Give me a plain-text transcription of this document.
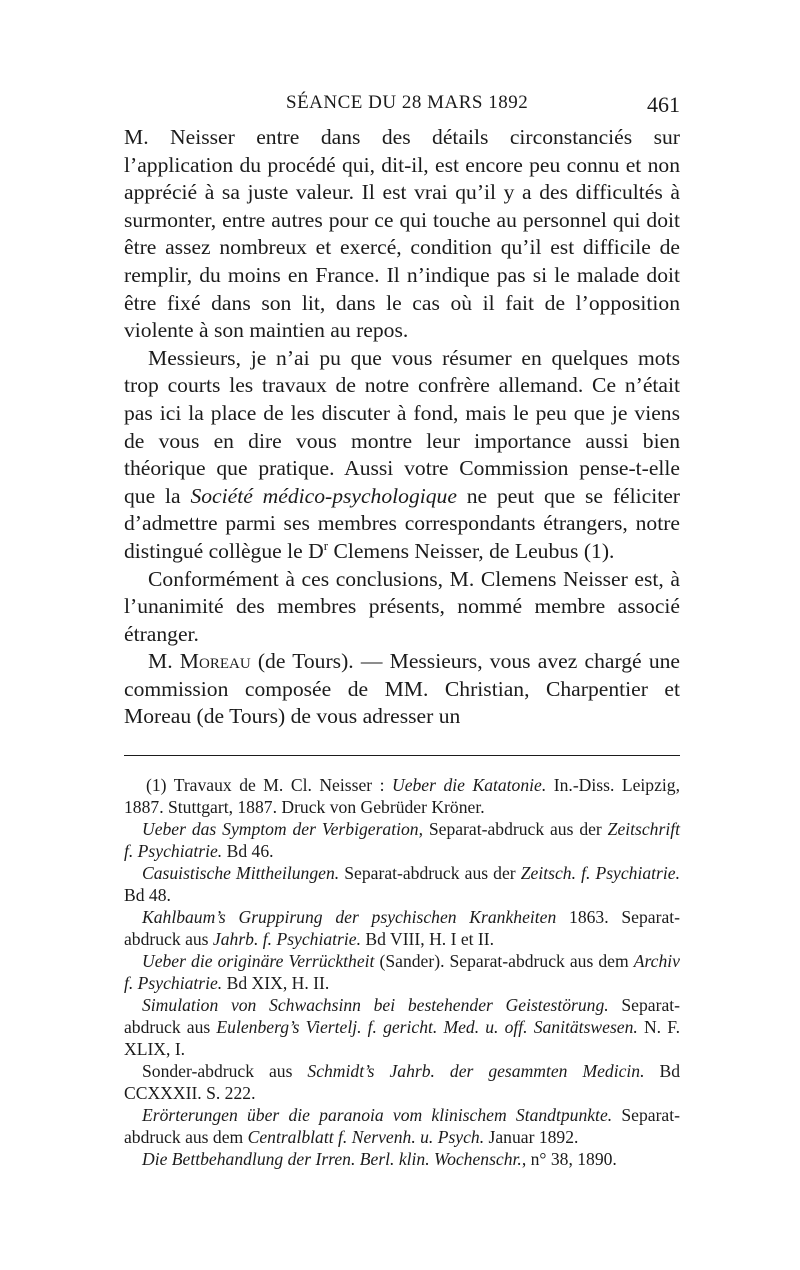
SÉANCE DU 28 MARS 1892	461

M. Neisser entre dans des détails circonstanciés sur l’application du procédé qui, dit-il, est encore peu connu et non apprécié à sa juste valeur. Il est vrai qu’il y a des difficultés à surmonter, entre autres pour ce qui touche au personnel qui doit être assez nombreux et exercé, condition qu’il est difficile de remplir, du moins en France. Il n’indique pas si le malade doit être fixé dans son lit, dans le cas où il fait de l’opposition violente à son maintien au repos.

Messieurs, je n’ai pu que vous résumer en quelques mots trop courts les travaux de notre confrère allemand. Ce n’était pas ici la place de les discuter à fond, mais le peu que je viens de vous en dire vous montre leur importance aussi bien théorique que pratique. Aussi votre Commission pense-t-elle que la Société médico-psychologique ne peut que se féliciter d’admettre parmi ses membres correspondants étrangers, notre distingué collègue le $D^r$ Clemens Neisser, de Leubus (1).

Conformément à ces conclusions, M. Clemens Neisser est, à l’unanimité des membres présents, nommé membre associé étranger.

M. Moreau (de Tours). — Messieurs, vous avez chargé une commission composée de MM. Christian, Charpentier et Moreau (de Tours) de vous adresser un

(1) Travaux de M. Cl. Neisser : Ueber die Katatonie. In.-Diss. Leipzig, 1887. Stuttgart, 1887. Druck von Gebrüder Kröner.

Ueber das Symptom der Verbigeration, Separat-abdruck aus der Zeitschrift f. Psychiatrie. Bd 46.

Casuistische Mittheilungen. Separat-abdruck aus der Zeitsch. f. Psychiatrie. Bd 48.

Kahlbaum’s Gruppirung der psychischen Krankheiten 1863. Separat-abdruck aus Jahrb. f. Psychiatrie. Bd VIII, H. I et II.

Ueber die originäre Verrücktheit (Sander). Separat-abdruck aus dem Archiv f. Psychiatrie. Bd XIX, H. II.

Simulation von Schwachsinn bei bestehender Geistestörung. Separat-abdruck aus Eulenberg’s Viertelj. f. gericht. Med. u. off. Sanitätswesen. N. F. XLIX, I.

Sonder-abdruck aus Schmidt’s Jahrb. der gesammten Medicin. Bd CCXXXII. S. 222.

Erörterungen über die paranoia vom klinischem Standtpunkte. Separat-abdruck aus dem Centralblatt f. Nervenh. u. Psych. Januar 1892.

Die Bettbehandlung der Irren. Berl. klin. Wochenschr., n° 38, 1890.
